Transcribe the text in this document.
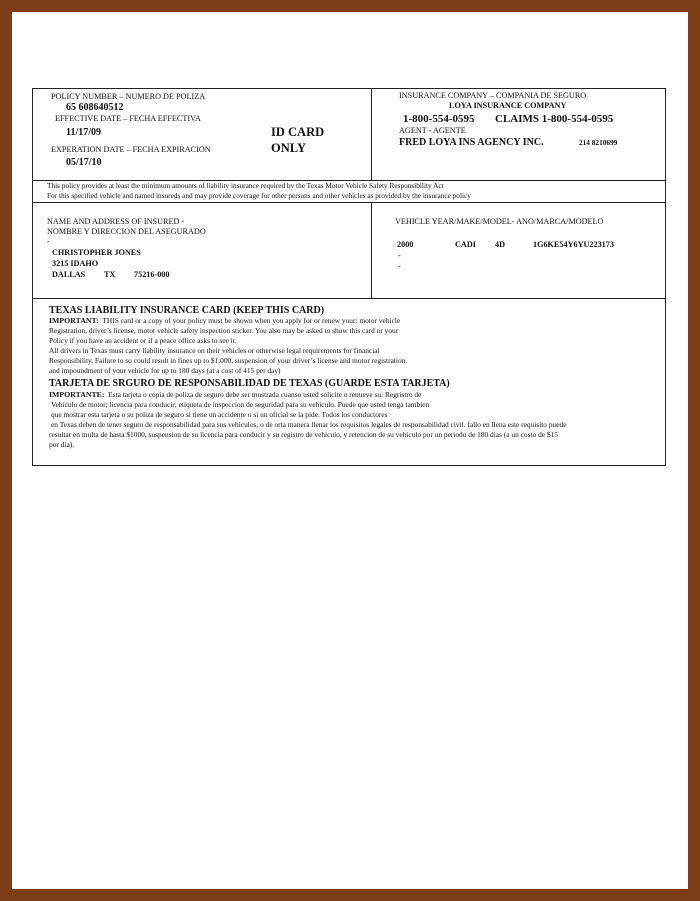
POLICY NUMBER – NUMERO DE POLIZA
65 608640512
EFFECTIVE DATE – FECHA EFFECTIVA
11/17/09	ID CARD
ONLY
EXPERATION DATE – FECHA EXPIRACION
05/17/10
INSURANCE COMPANY – COMPANIA DE SEGURO
LOYA INSURANCE COMPANY
1-800-554-0595 CLAIMS 1-800-554-0595
AGENT - AGENTE
FRED LOYA INS AGENCY INC.	214 8210699
This policy provides at least the minimum amounts of liability insurance required by the Texas Motor Vehicle Safety Responsibility Act
For this specified vehicle and named insureds and may provide coverage for other persons and other vehicles as provided by the insurance policy
NAME AND ADDRESS OF INSURED -
NOMBRE Y DIRECCION DEL ASEGURADO
-
CHRISTOPHER JONES
3215 IDAHO
DALLAS TX 75216-000
VEHICLE YEAR/MAKE/MODEL- ANO/MARCA/MODELO
2000	CADI 4D	1G6KE54Y6YU223173
-
-
TEXAS LIABILITY INSURANCE CARD (KEEP THIS CARD)

IMPORTANT: THIS card or a copy of your policy must be shown when you apply for or renew your: motor vehicle

Registration, driver’s license, motor vehicle safety inspection sticker. You also may be asked to show this card or your

Policy if you have an accident or if a peace office asks to see it.

All drivers in Texas must carry liability insurance on their vehicles or otherwise legal requirements for financial

Responsibility. Failure to so could result in fines up to $1,000, suspension of your driver’s license and motor registration.

and impoundment of your vehicle for up to 180 days (at a cost of 415 per day)

TARJETA DE SRGURO DE RESPONSABILIDAD DE TEXAS (GUARDE ESTA TARJETA)

IMPORTANTE: Esta tarjeta o copia de poliza de seguro debe ser mostrada cuanso usted solicite o renueve su: Regristro de

Vehiculo de motor; licencia para conducir; etiqueta de inspeccion de seguridad para su vehiculo. Puede que usted tenga tambien

que mostrar esta tarjeta o su poliza de seguro si tiene un accidente o si un oficial se la pide. Todos los conductores

en Texas deben de tener seguro de responsabilidad para sus vehiculos, o de orta manera llenar los requisitos legales de responsabilidad civil. fallo en llena este requisito puede

resultar en multa de hasta $1000, suspension de su licencia para conducir y su registro de vehiculo, y retencion de su vehiculo por un periodo de 180 dias (a un costo de $15

por dia).
